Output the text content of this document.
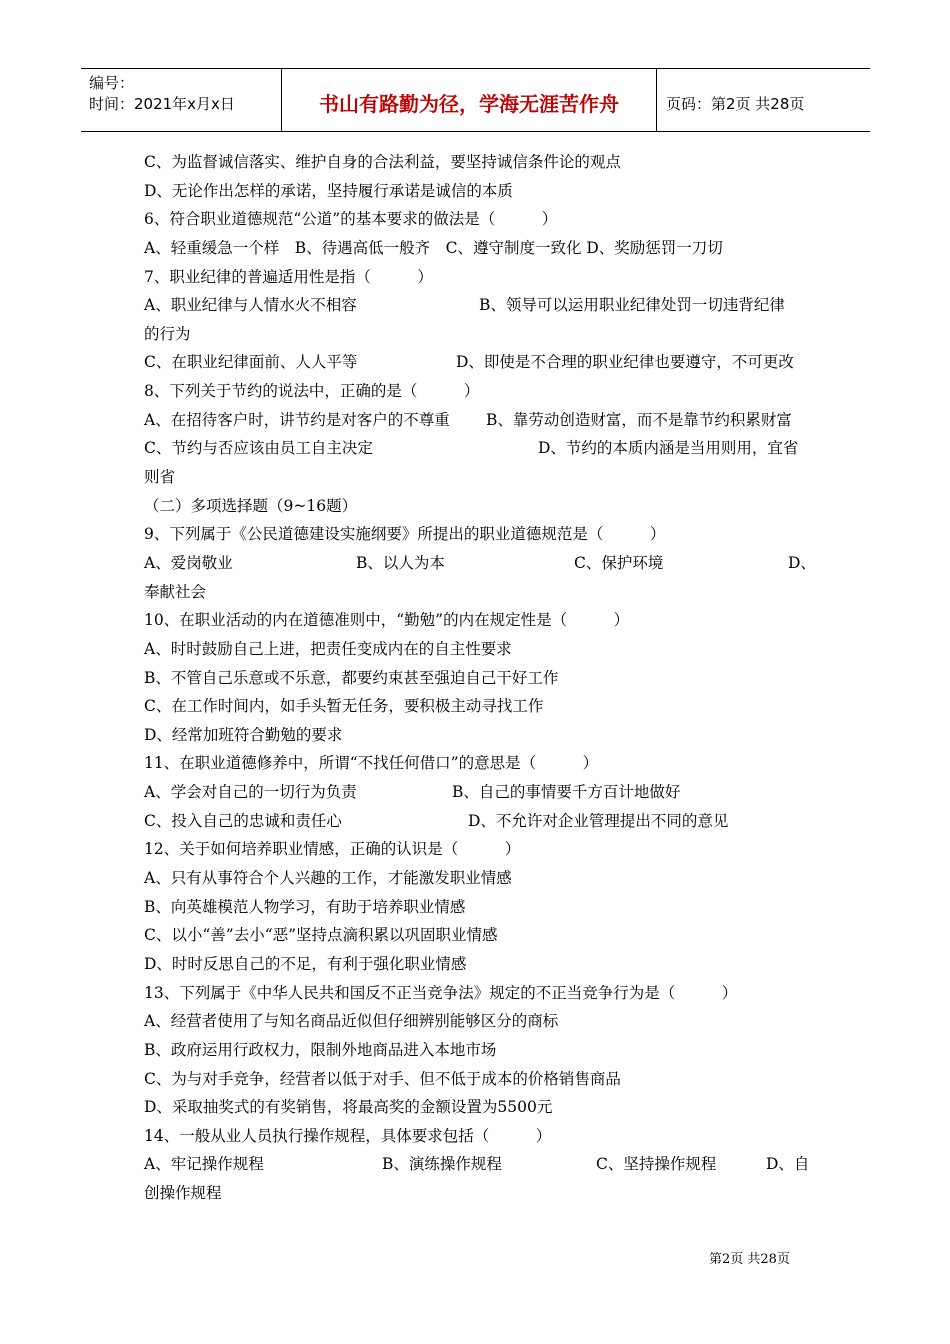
编号：
时间：2021年x月x日	书山有路勤为径，学海无涯苦作舟	页码：第2页 共28页
C、为监督诚信落实、维护自身的合法利益，要坚持诚信条件论的观点
D、无论作出怎样的承诺，坚持履行承诺是诚信的本质
6、符合职业道德规范“公道”的基本要求的做法是（　　　）
A、轻重缓急一个样　B、待遇高低一般齐　C、遵守制度一致化 D、奖励惩罚一刀切
7、职业纪律的普遍适用性是指（　　　）
A、职业纪律与人情水火不相容	B、领导可以运用职业纪律处罚一切违背纪律
的行为
C、在职业纪律面前、人人平等	D、即使是不合理的职业纪律也要遵守，不可更改
8、下列关于节约的说法中，正确的是（　　　）
A、在招待客户时，讲节约是对客户的不尊重 B、靠劳动创造财富，而不是靠节约积累财富
C、节约与否应该由员工自主决定	D、节约的本质内涵是当用则用，宜省
则省
（二）多项选择题（9~16题）
9、下列属于《公民道德建设实施纲要》所提出的职业道德规范是（　　　）
A、爱岗敬业	B、以人为本	C、保护环境	D、
奉献社会
10、在职业活动的内在道德准则中，“勤勉”的内在规定性是（　　　）
A、时时鼓励自己上进，把责任变成内在的自主性要求
B、不管自己乐意或不乐意，都要约束甚至强迫自己干好工作
C、在工作时间内，如手头暂无任务，要积极主动寻找工作
D、经常加班符合勤勉的要求
11、在职业道德修养中，所谓“不找任何借口”的意思是（　　　）
A、学会对自己的一切行为负责	B、自己的事情要千方百计地做好
C、投入自己的忠诚和责任心	D、不允许对企业管理提出不同的意见
12、关于如何培养职业情感，正确的认识是（　　　）
A、只有从事符合个人兴趣的工作，才能激发职业情感
B、向英雄模范人物学习，有助于培养职业情感
C、以小“善”去小“恶”坚持点滴积累以巩固职业情感
D、时时反思自己的不足，有利于强化职业情感
13、下列属于《中华人民共和国反不正当竞争法》规定的不正当竞争行为是（　　　）
A、经营者使用了与知名商品近似但仔细辨别能够区分的商标
B、政府运用行政权力，限制外地商品进入本地市场
C、为与对手竞争，经营者以低于对手、但不低于成本的价格销售商品
D、采取抽奖式的有奖销售，将最高奖的金额设置为5500元
14、一般从业人员执行操作规程，具体要求包括（　　　）
A、牢记操作规程	B、演练操作规程	C、坚持操作规程	D、自
创操作规程
第2页 共28页
